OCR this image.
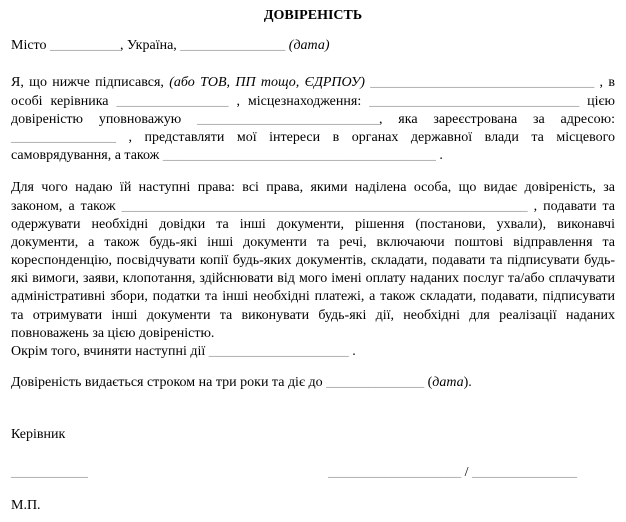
ДОВІРЕНІСТЬ

Місто __________, Україна, _______________ (дата)

Я, що нижче підписався, (або ТОВ, ПП тощо, ЄДРПОУ) ________________________________ , в особі керівника ________________ , місцезнаходження: ______________________________ цією довіреністю уповноважую __________________________, яка зареєстрована за адресою: _______________ , представляти мої інтереси в органах державної влади та місцевого самоврядування, а також _______________________________________ .

Для чого надаю їй наступні права: всі права, якими наділена особа, що видає довіреність, за законом, а також __________________________________________________________ , подавати та одержувати необхідні довідки та інші документи, рішення (постанови, ухвали), виконавчі документи, а також будь-які інші документи та речі, включаючи поштові відправлення та кореспонденцію, посвідчувати копії будь-яких документів, складати, подавати та підписувати будь-які вимоги, заяви, клопотання, здійснювати від мого імені оплату наданих послуг та/або сплачувати адміністративні збори, податки та інші необхідні платежі, а також складати, подавати, підписувати та отримувати інші документи та виконувати будь-які дії, необхідні для реалізації наданих повноважень за цією довіреністю.
Окрім того, вчиняти наступні дії ____________________ .

Довіреність видається строком на три роки та діє до ______________ (дата).

Керівник

___________	___________________ / _______________

М.П.
